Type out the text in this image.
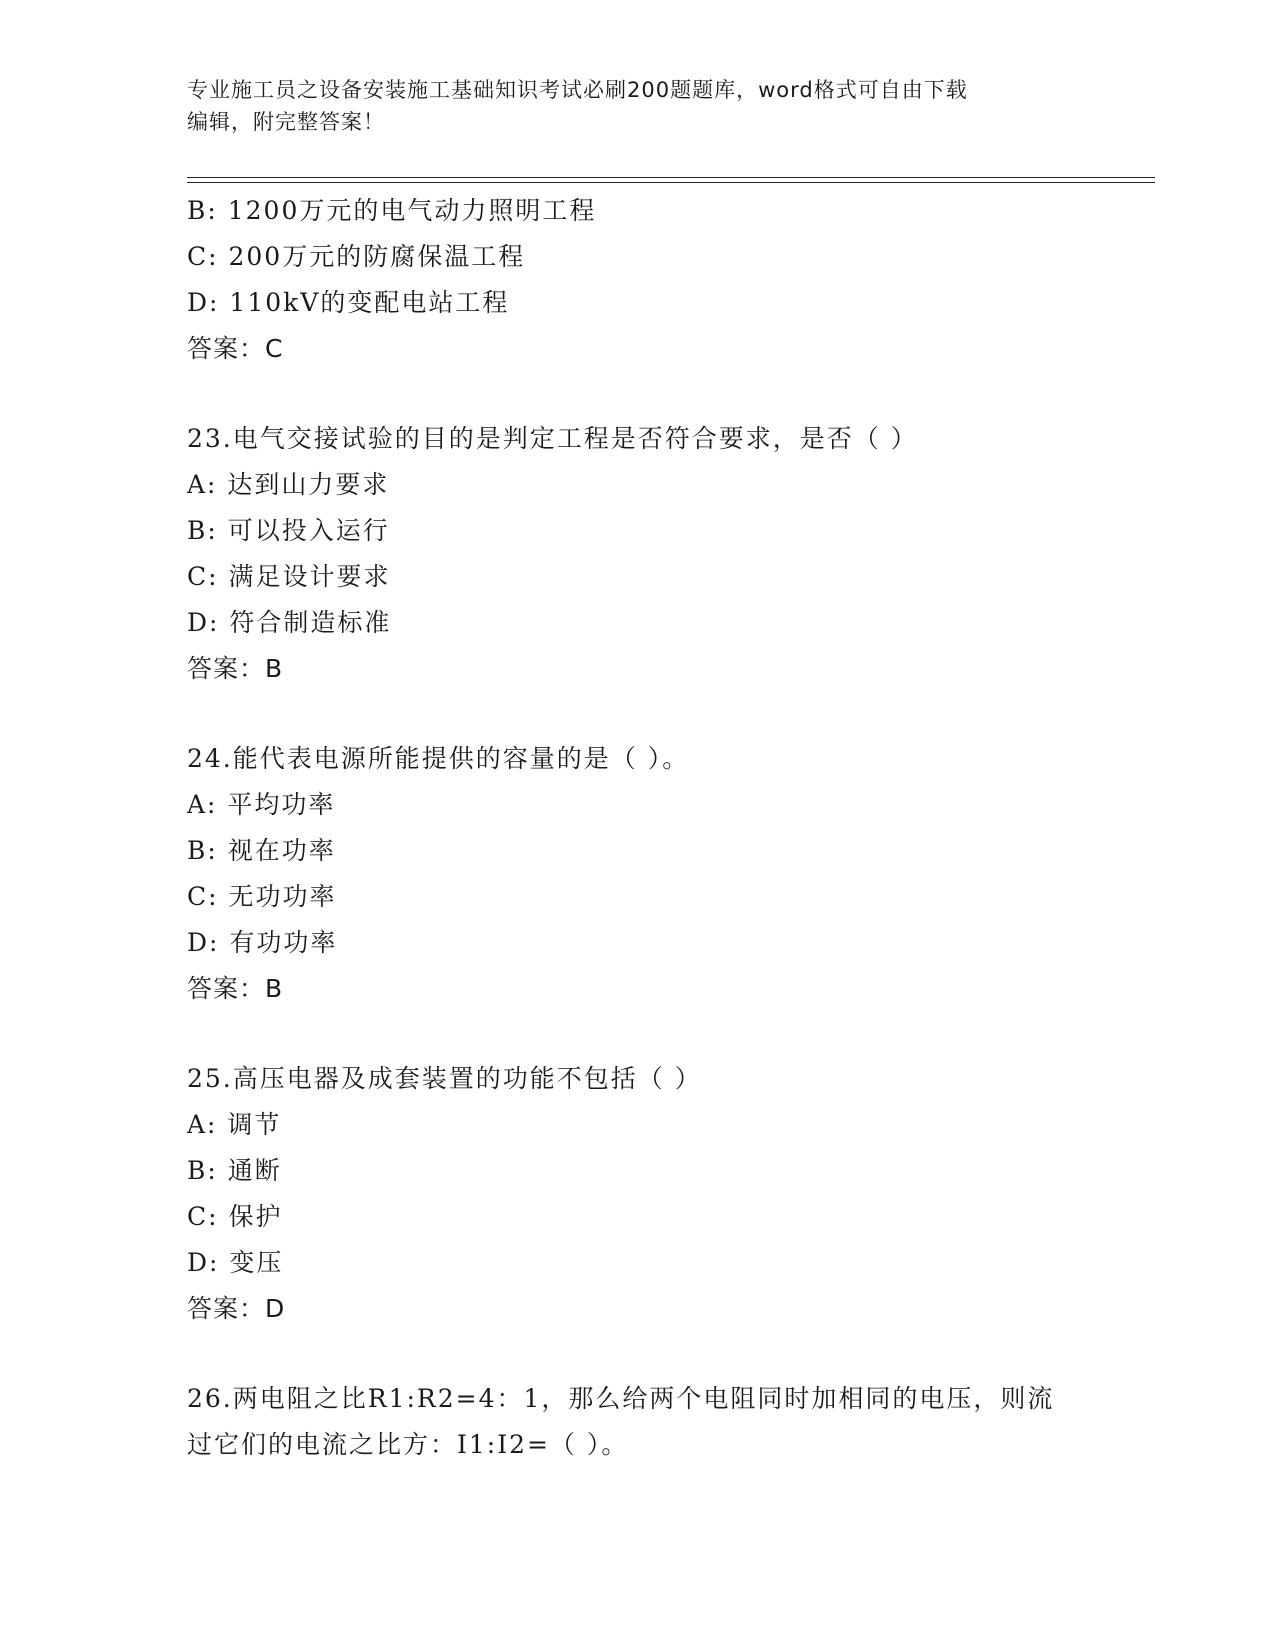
专业施工员之设备安装施工基础知识考试必刷200题题库，word格式可自由下载
编辑，附完整答案！
B: 1200万元的电气动力照明工程
C: 200万元的防腐保温工程
D: 110kV的变配电站工程
答案：C
23.电气交接试验的目的是判定工程是否符合要求，是否（ ）
A: 达到山力要求
B: 可以投入运行
C: 满足设计要求
D: 符合制造标准
答案：B
24.能代表电源所能提供的容量的是（ ）。
A: 平均功率
B: 视在功率
C: 无功功率
D: 有功功率
答案：B
25.高压电器及成套装置的功能不包括（ ）
A: 调节
B: 通断
C: 保护
D: 变压
答案：D
26.两电阻之比R1:R2=4：1，那么给两个电阻同时加相同的电压，则流
过它们的电流之比方：I1:I2=（ ）。
